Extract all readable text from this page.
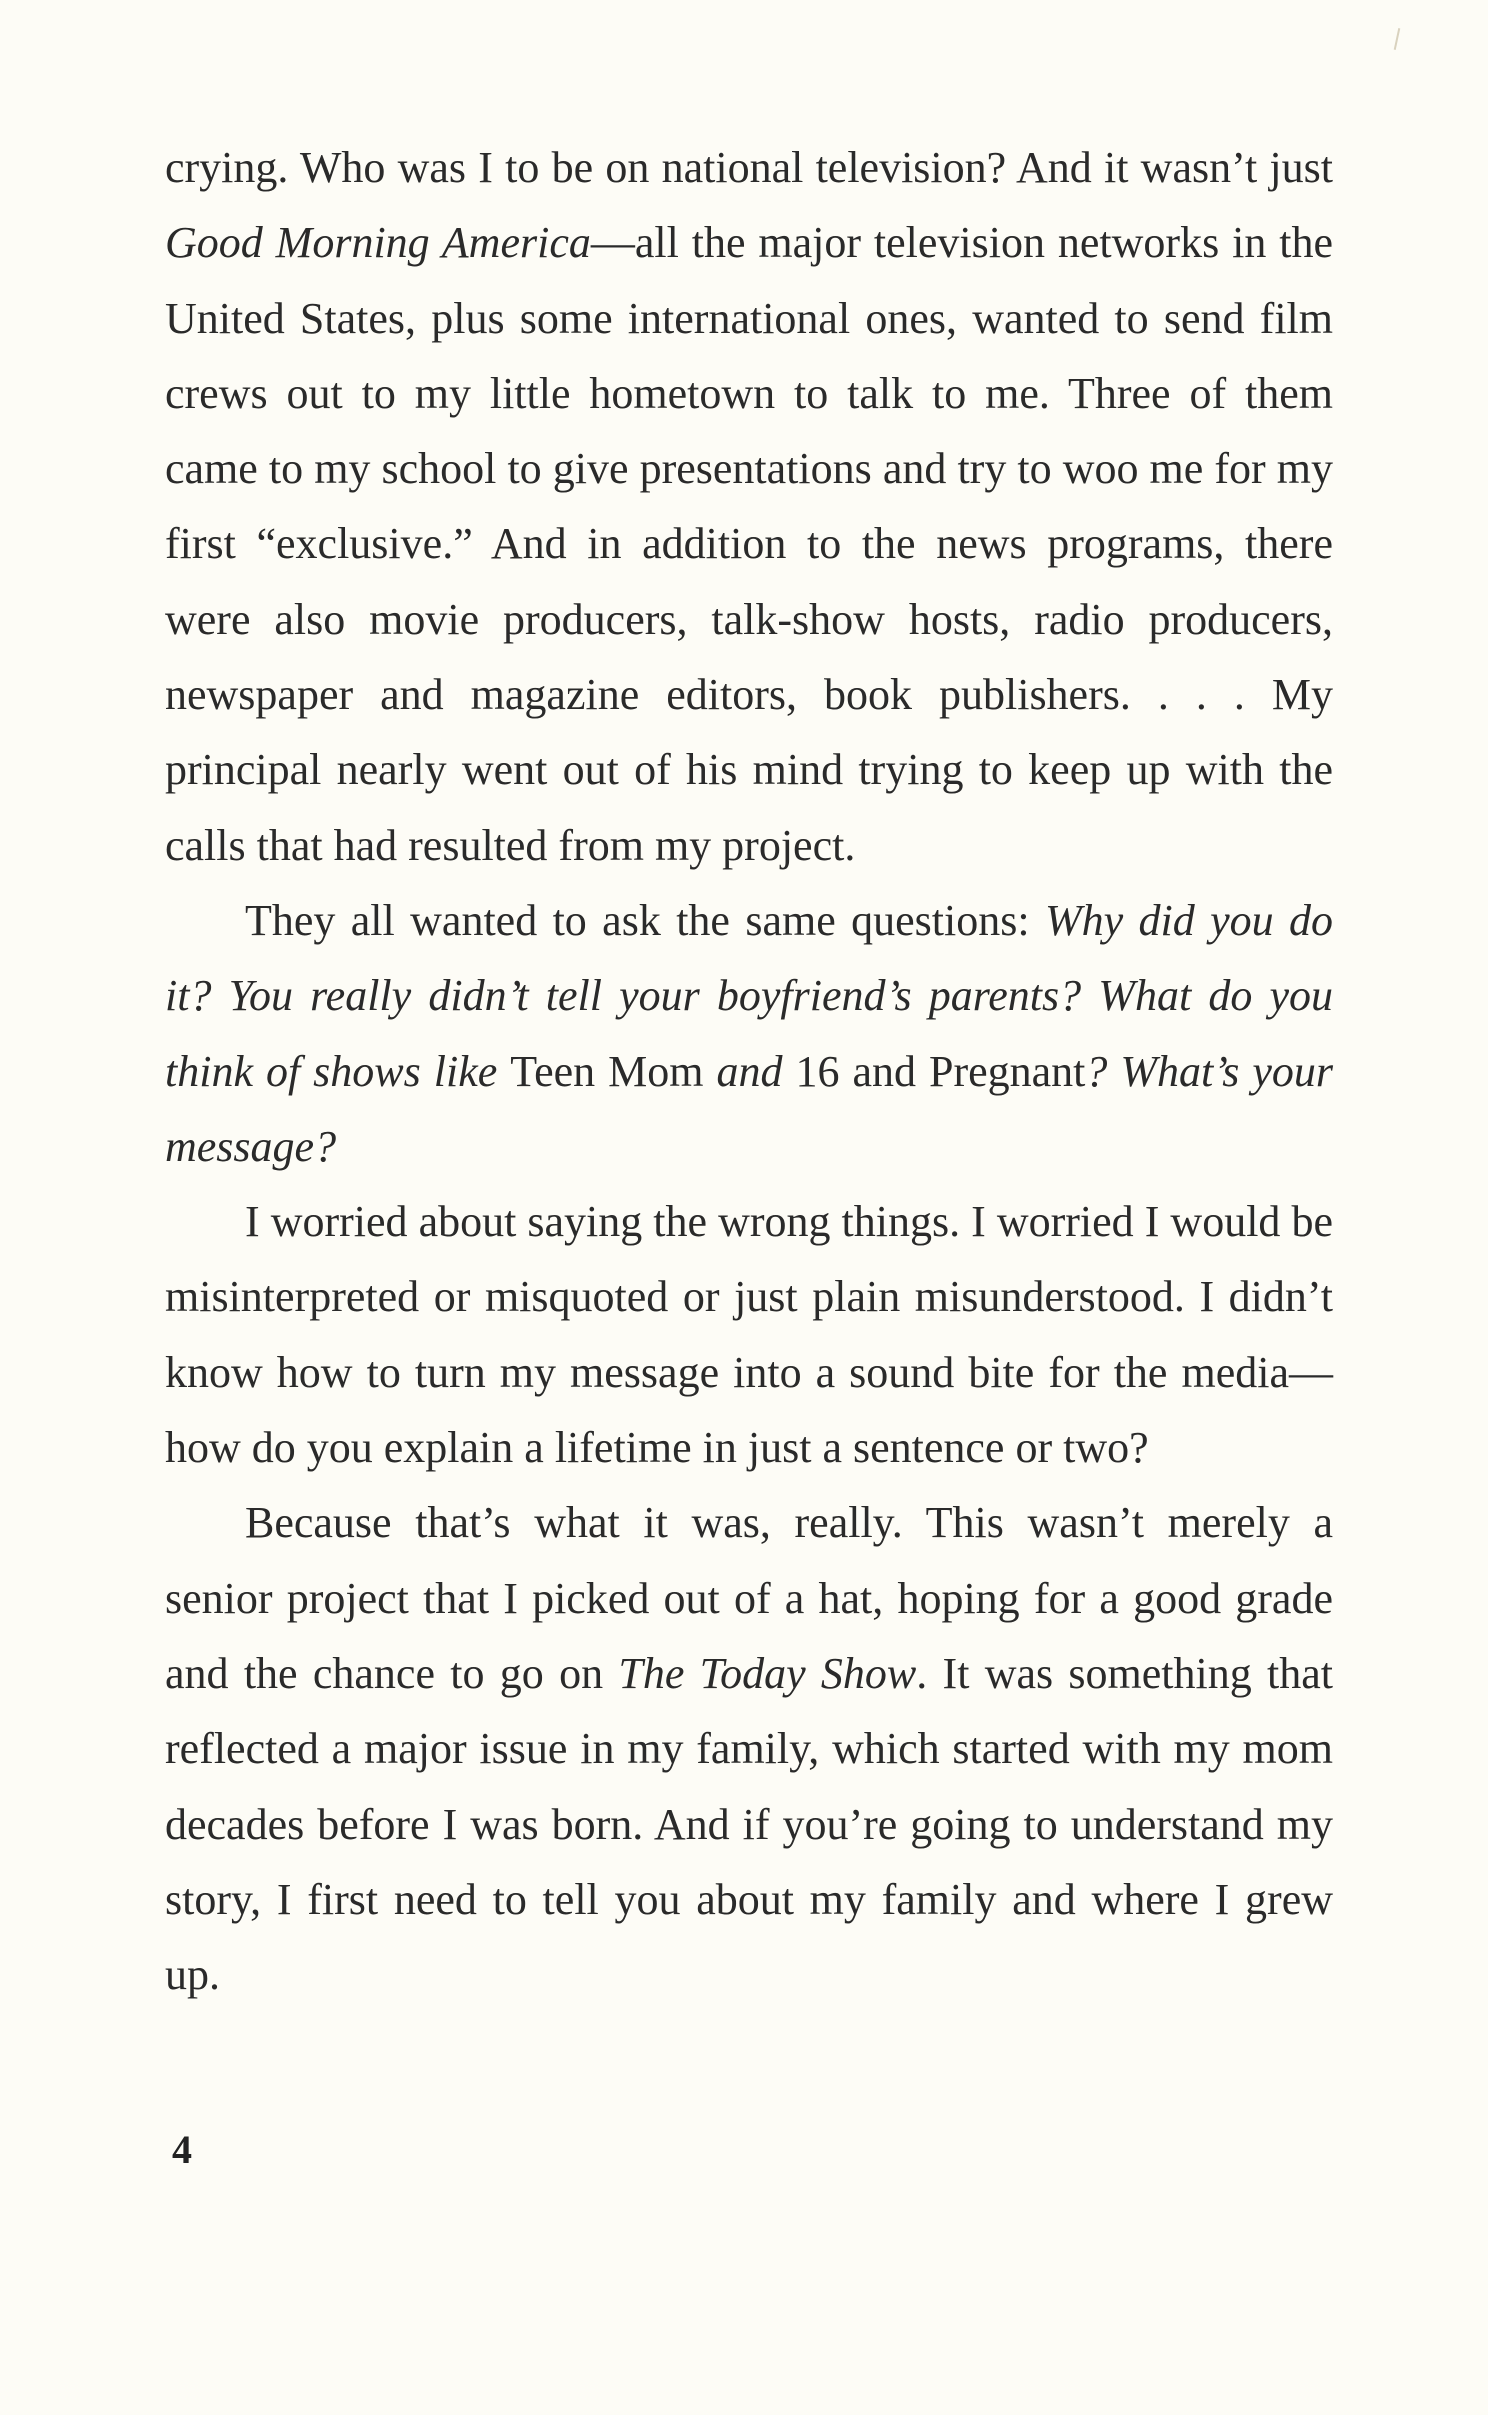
crying. Who was I to be on national television? And it wasn’t just Good Morning America—all the major television networks in the United States, plus some international ones, wanted to send film crews out to my little hometown to talk to me. Three of them came to my school to give presentations and try to woo me for my first “exclusive.” And in addition to the news programs, there were also movie producers, talk-show hosts, radio producers, newspaper and magazine editors, book publishers. . . . My principal nearly went out of his mind trying to keep up with the calls that had resulted from my project.

They all wanted to ask the same questions: Why did you do it? You really didn’t tell your boyfriend’s parents? What do you think of shows like Teen Mom and 16 and Pregnant? What’s your message?

I worried about saying the wrong things. I worried I would be misinterpreted or misquoted or just plain misunderstood. I didn’t know how to turn my message into a sound bite for the media—how do you explain a lifetime in just a sentence or two?

Because that’s what it was, really. This wasn’t merely a senior project that I picked out of a hat, hoping for a good grade and the chance to go on The Today Show. It was something that reflected a major issue in my family, which started with my mom decades before I was born. And if you’re going to understand my story, I first need to tell you about my family and where I grew up.

4
